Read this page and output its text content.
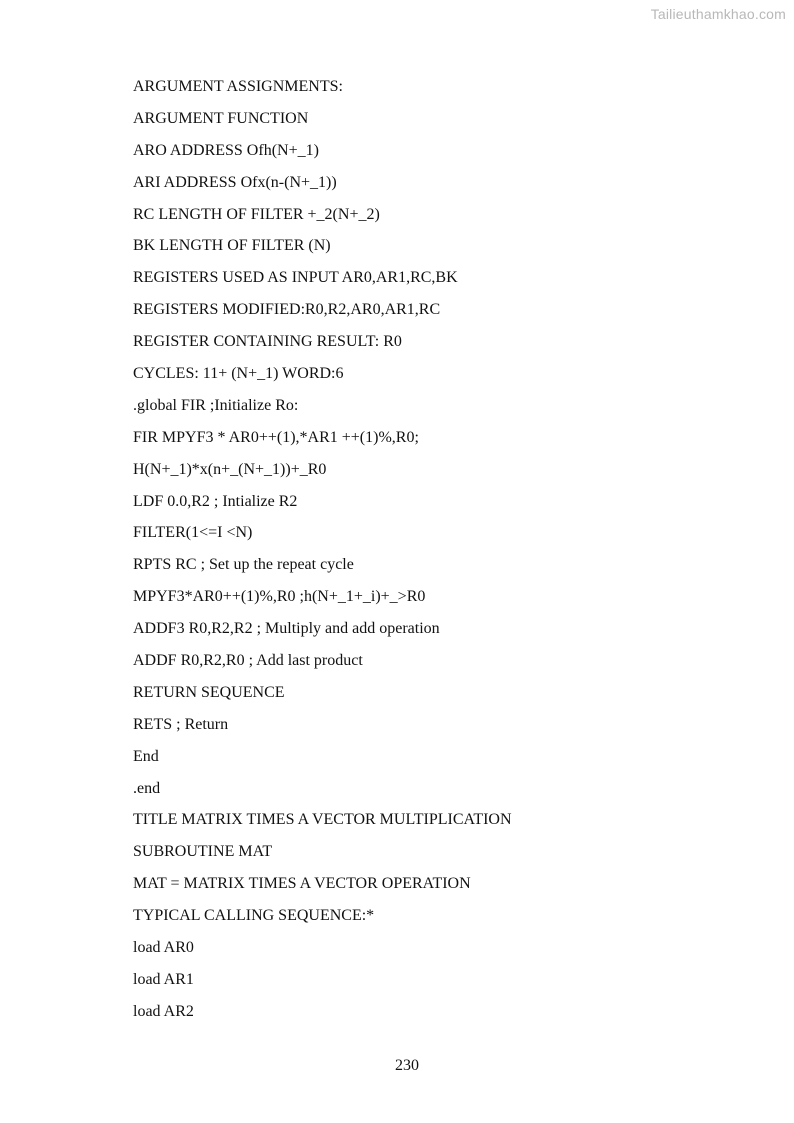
Tailieuthamkhao.com
ARGUMENT ASSIGNMENTS:
ARGUMENT FUNCTION
ARO ADDRESS Ofh(N+_1)
ARI ADDRESS Ofx(n-(N+_1))
RC LENGTH OF FILTER +_2(N+_2)
BK LENGTH OF FILTER (N)
REGISTERS USED AS INPUT AR0,AR1,RC,BK
REGISTERS MODIFIED:R0,R2,AR0,AR1,RC
REGISTER CONTAINING RESULT: R0
CYCLES: 11+ (N+_1) WORD:6
.global FIR ;Initialize Ro:
FIR MPYF3 * AR0++(1),*AR1 ++(1)%,R0;
H(N+_1)*x(n+_(N+_1))+_R0
LDF 0.0,R2 ; Intialize R2
FILTER(1<=I <N)
RPTS RC ; Set up the repeat cycle
MPYF3*AR0++(1)%,R0 ;h(N+_1+_i)+_>R0
ADDF3 R0,R2,R2 ; Multiply and add operation
ADDF R0,R2,R0 ; Add last product
RETURN SEQUENCE
RETS ; Return
End
.end
TITLE MATRIX TIMES A VECTOR MULTIPLICATION
SUBROUTINE MAT
MAT = MATRIX TIMES A VECTOR OPERATION
TYPICAL CALLING SEQUENCE:*
load AR0
load AR1
load AR2
230
